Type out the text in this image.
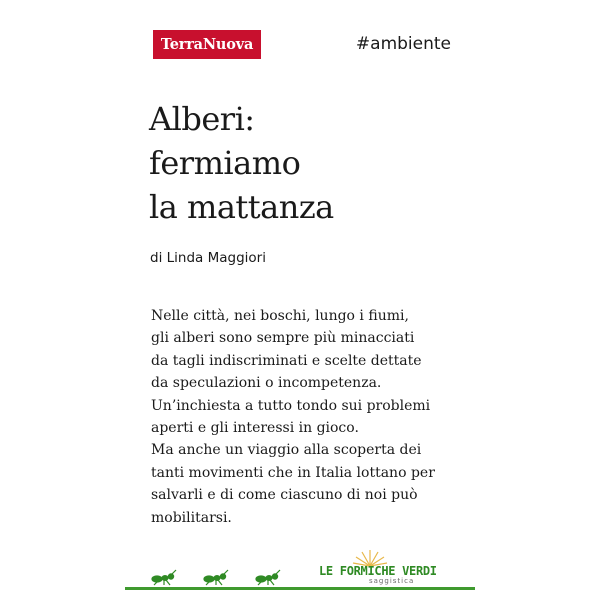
TerraNuova	#ambiente
Alberi:
fermiamo
la mattanza
di Linda Maggiori
Nelle città, nei boschi, lungo i fiumi,
gli alberi sono sempre più minacciati
da tagli indiscriminati e scelte dettate
da speculazioni o incompetenza.
Un’inchiesta a tutto tondo sui problemi
aperti e gli interessi in gioco.
Ma anche un viaggio alla scoperta dei
tanti movimenti che in Italia lottano per
salvarli e di come ciascuno di noi può
mobilitarsi.
LE FORMICHE VERDI
saggistica
